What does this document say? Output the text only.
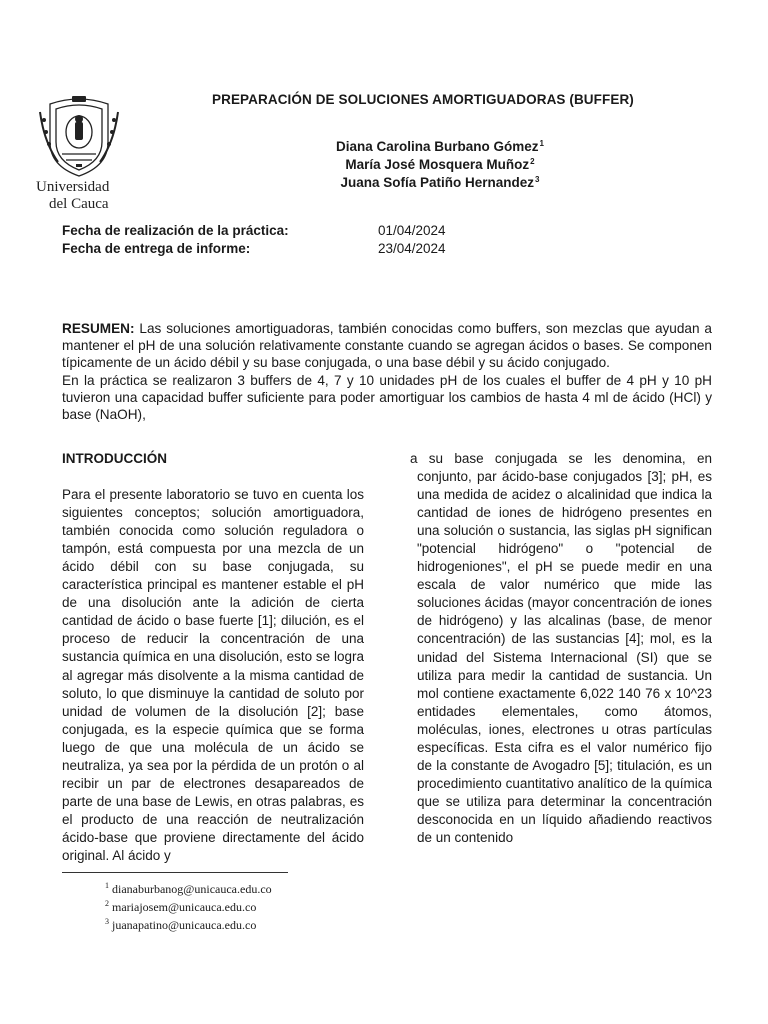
Universidad
del Cauca
PREPARACIÓN DE SOLUCIONES AMORTIGUADORAS (BUFFER)
Diana Carolina Burbano Gómez$^1$
María José Mosquera Muñoz$^2$
Juana Sofía Patiño Hernandez$^3$
Fecha de realización de la práctica:	01/04/2024
Fecha de entrega de informe:	23/04/2024

RESUMEN: Las soluciones amortiguadoras, también conocidas como buffers, son mezclas que ayudan a mantener el pH de una solución relativamente constante cuando se agregan ácidos o bases. Se componen típicamente de un ácido débil y su base conjugada, o una base débil y su ácido conjugado.

En la práctica se realizaron 3 buffers de 4, 7 y 10 unidades pH de los cuales el buffer de 4 pH y 10 pH tuvieron una capacidad buffer suficiente para poder amortiguar los cambios de hasta 4 ml de ácido (HCl) y base (NaOH),

INTRODUCCIÓN

Para el presente laboratorio se tuvo en cuenta los siguientes conceptos; solución amortiguadora, también conocida como solución reguladora o tampón, está compuesta por una mezcla de un ácido débil con su base conjugada, su característica principal es mantener estable el pH de una disolución ante la adición de cierta cantidad de ácido o base fuerte [1]; dilución, es el proceso de reducir la concentración de una sustancia química en una disolución, esto se logra al agregar más disolvente a la misma cantidad de soluto, lo que disminuye la cantidad de soluto por unidad de volumen de la disolución [2]; base conjugada, es la especie química que se forma luego de que una molécula de un ácido se neutraliza, ya sea por la pérdida de un protón o al recibir un par de electrones desapareados de parte de una base de Lewis, en otras palabras, es el producto de una reacción de neutralización ácido-base que proviene directamente del ácido original. Al ácido y

a su base conjugada se les denomina, en conjunto, par ácido-base conjugados [3]; pH, es una medida de acidez o alcalinidad que indica la cantidad de iones de hidrógeno presentes en una solución o sustancia, las siglas pH significan "potencial hidrógeno" o "potencial de hidrogeniones", el pH se puede medir en una escala de valor numérico que mide las soluciones ácidas (mayor concentración de iones de hidrógeno) y las alcalinas (base, de menor concentración) de las sustancias [4]; mol, es la unidad del Sistema Internacional (SI) que se utiliza para medir la cantidad de sustancia. Un mol contiene exactamente 6,022 140 76 x 10^23 entidades elementales, como átomos, moléculas, iones, electrones u otras partículas específicas. Esta cifra es el valor numérico fijo de la constante de Avogadro [5]; titulación, es un procedimiento cuantitativo analítico de la química que se utiliza para determinar la concentración desconocida en un líquido añadiendo reactivos de un contenido

$^1$ dianaburbanog@unicauca.edu.co
$^2$ mariajosem@unicauca.edu.co
$^3$ juanapatino@unicauca.edu.co
